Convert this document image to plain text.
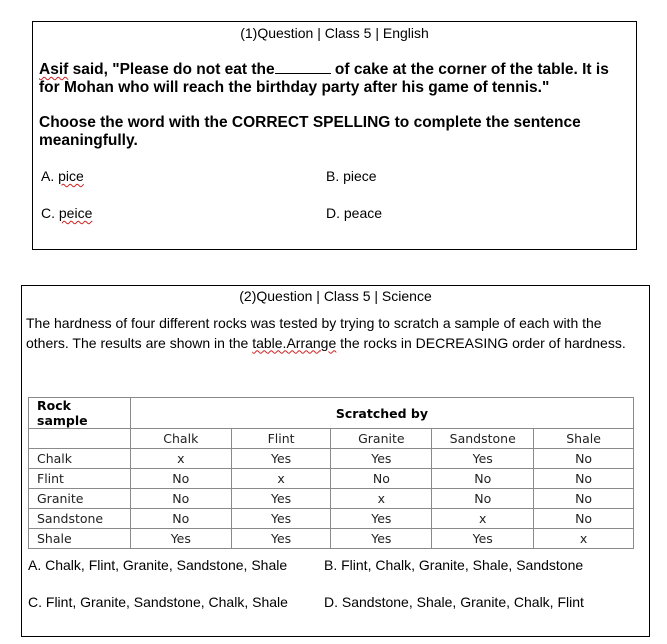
(1)Question | Class 5 | English
Asif said, "Please do not eat the	of cake at the corner of the table. It is for Mohan who will reach the birthday party after his game of tennis."
Choose the word with the CORRECT SPELLING to complete the sentence meaningfully.
A. pice	B. piece
C. peice	D. peace
(2)Question | Class 5 | Science
The hardness of four different rocks was tested by trying to scratch a sample of each with the others. The results are shown in the table.Arrange the rocks in DECREASING order of hardness.
Rock sample	Scratched by				
	Chalk	Flint	Granite	Sandstone	Shale
Chalk	x	Yes	Yes	Yes	No
Flint	No	x	No	No	No
Granite	No	Yes	x	No	No
Sandstone	No	Yes	Yes	x	No
Shale	Yes	Yes	Yes	Yes	x
A. Chalk, Flint, Granite, Sandstone, Shale	B. Flint, Chalk, Granite, Shale, Sandstone
C. Flint, Granite, Sandstone, Chalk, Shale	D. Sandstone, Shale, Granite, Chalk, Flint
